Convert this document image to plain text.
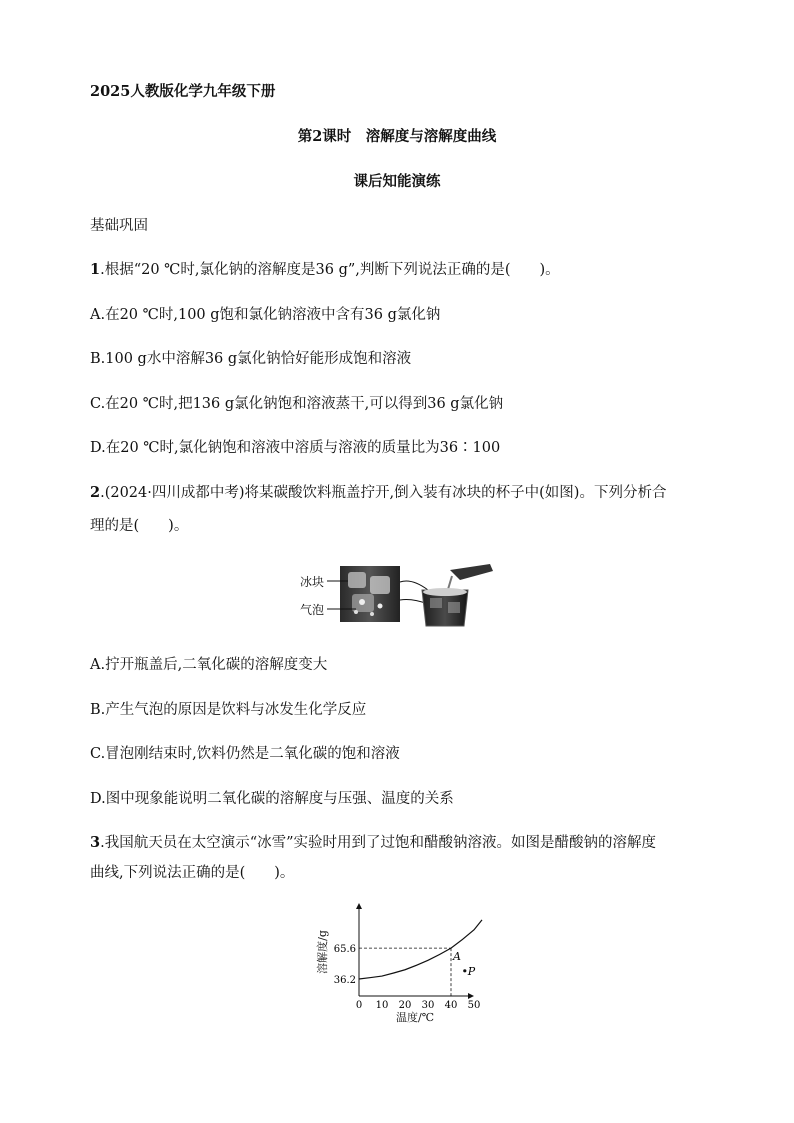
2025人教版化学九年级下册
第2课时　溶解度与溶解度曲线
课后知能演练
基础巩固
1.根据“20 ℃时,氯化钠的溶解度是36 g”,判断下列说法正确的是(　　)。
A.在20 ℃时,100 g饱和氯化钠溶液中含有36 g氯化钠
B.100 g水中溶解36 g氯化钠恰好能形成饱和溶液
C.在20 ℃时,把136 g氯化钠饱和溶液蒸干,可以得到36 g氯化钠
D.在20 ℃时,氯化钠饱和溶液中溶质与溶液的质量比为36∶100
2.(2024·四川成都中考)将某碳酸饮料瓶盖拧开,倒入装有冰块的杯子中(如图)。下列分析合
理的是(　　)。
冰块
气泡
A.拧开瓶盖后,二氧化碳的溶解度变大
B.产生气泡的原因是饮料与冰发生化学反应
C.冒泡刚结束时,饮料仍然是二氧化碳的饱和溶液
D.图中现象能说明二氧化碳的溶解度与压强、温度的关系
3.我国航天员在太空演示“冰雪”实验时用到了过饱和醋酸钠溶液。如图是醋酸钠的溶解度
曲线,下列说法正确的是(　　)。
0 10 20 30 40 50
36.2
65.6
A
P
溶解度/g
温度/℃
